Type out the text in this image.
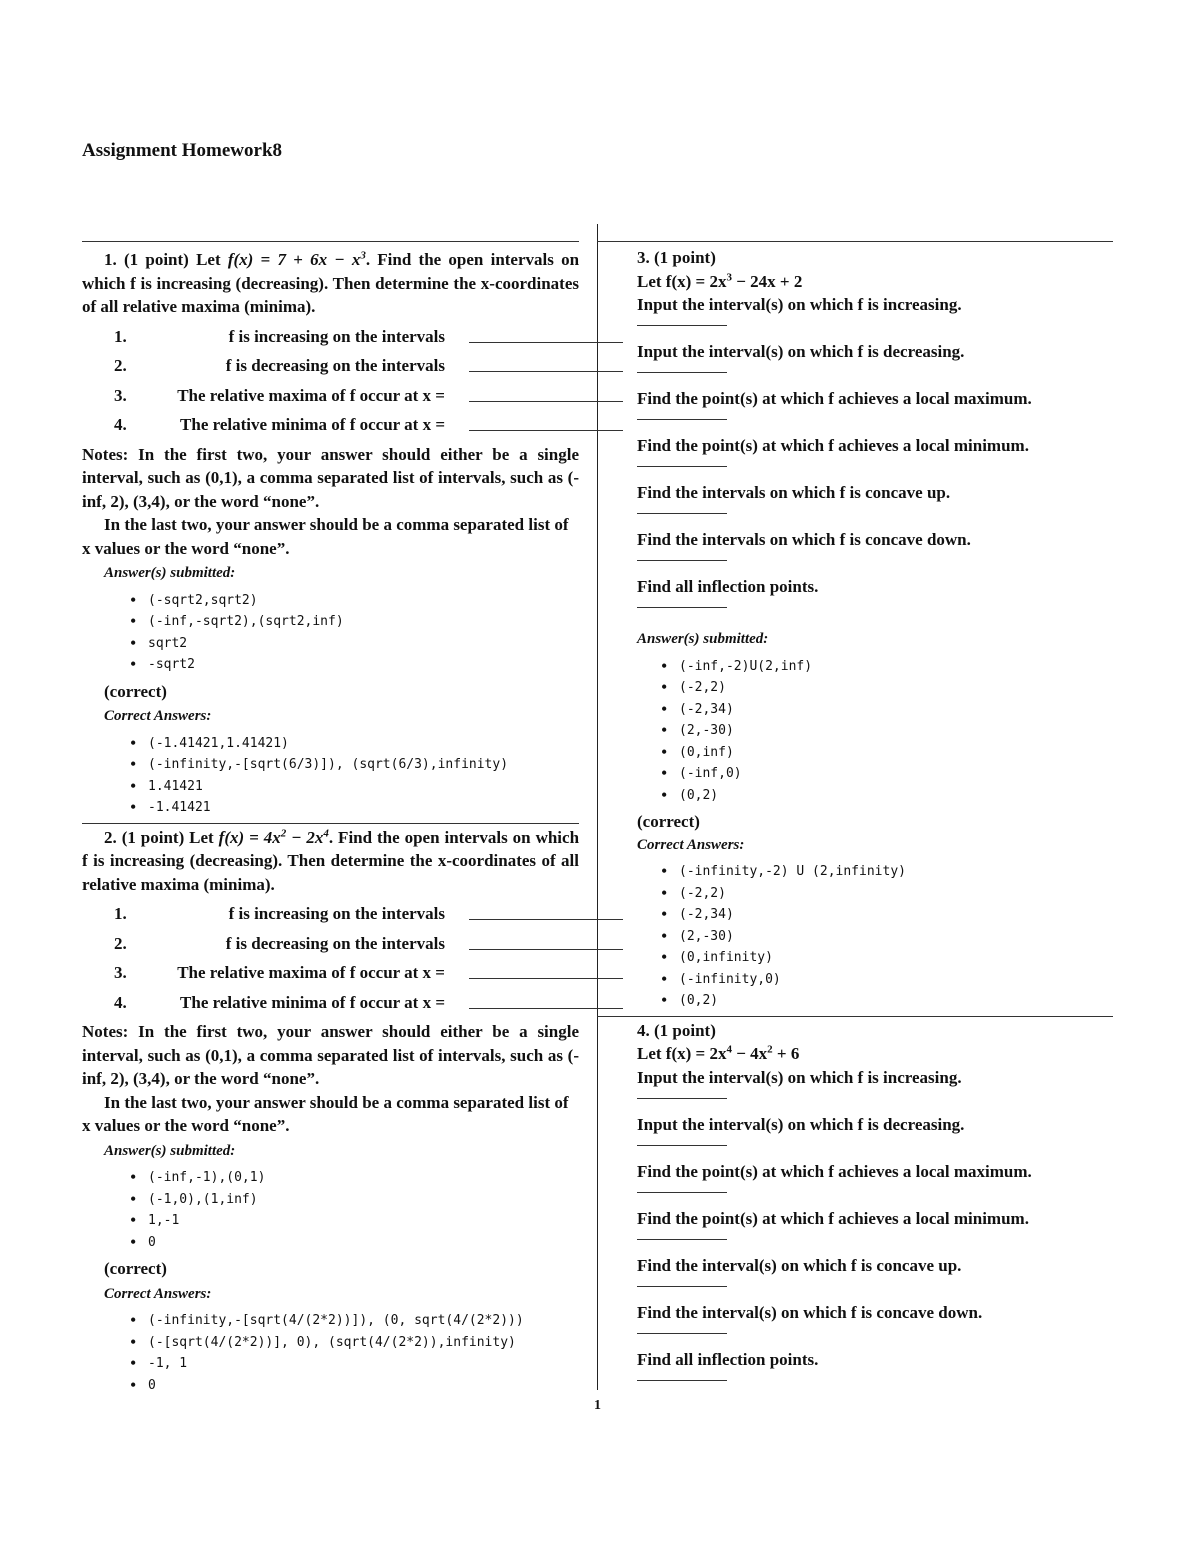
Assignment Homework8
1. (1 point) Let $f(x) = 7 + 6x - x^3$. Find the open intervals on which f is increasing (decreasing). Then determine the x-coordinates of all relative maxima (minima).
1.	f is increasing on the intervals
2.	f is decreasing on the intervals
3.	The relative maxima of f occur at x =
4.	The relative minima of f occur at x =
Notes: In the first two, your answer should either be a single interval, such as (0,1), a comma separated list of intervals, such as (-inf, 2), (3,4), or the word “none”.
In the last two, your answer should be a comma separated list of x values or the word “none”.
Answer(s) submitted:
• (-sqrt2,sqrt2)
• (-inf,-sqrt2),(sqrt2,inf)
• sqrt2
• -sqrt2
(correct)
Correct Answers:
• (-1.41421,1.41421)
• (-infinity,-[sqrt(6/3)]), (sqrt(6/3),infinity)
• 1.41421
• -1.41421
2. (1 point) Let $f(x) = 4x^2 - 2x^4$. Find the open intervals on which f is increasing (decreasing). Then determine the x-coordinates of all relative maxima (minima).
1.	f is increasing on the intervals
2.	f is decreasing on the intervals
3.	The relative maxima of f occur at x =
4.	The relative minima of f occur at x =
Notes: In the first two, your answer should either be a single interval, such as (0,1), a comma separated list of intervals, such as (-inf, 2), (3,4), or the word “none”.
In the last two, your answer should be a comma separated list of x values or the word “none”.
Answer(s) submitted:
• (-inf,-1),(0,1)
• (-1,0),(1,inf)
• 1,-1
• 0
(correct)
Correct Answers:
• (-infinity,-[sqrt(4/(2*2))]), (0, sqrt(4/(2*2)))
• (-[sqrt(4/(2*2))], 0), (sqrt(4/(2*2)),infinity)
• -1, 1
• 0
3. (1 point)
Let $f(x) = 2x^3 - 24x + 2$
Input the interval(s) on which f is increasing.
Input the interval(s) on which f is decreasing.
Find the point(s) at which f achieves a local maximum.
Find the point(s) at which f achieves a local minimum.
Find the intervals on which f is concave up.
Find the intervals on which f is concave down.
Find all inflection points.
Answer(s) submitted:
• (-inf,-2)U(2,inf)
• (-2,2)
• (-2,34)
• (2,-30)
• (0,inf)
• (-inf,0)
• (0,2)
(correct)
Correct Answers:
• (-infinity,-2) U (2,infinity)
• (-2,2)
• (-2,34)
• (2,-30)
• (0,infinity)
• (-infinity,0)
• (0,2)
4. (1 point)
Let $f(x) = 2x^4 - 4x^2 + 6$
Input the interval(s) on which f is increasing.
Input the interval(s) on which f is decreasing.
Find the point(s) at which f achieves a local maximum.
Find the point(s) at which f achieves a local minimum.
Find the interval(s) on which f is concave up.
Find the interval(s) on which f is concave down.
Find all inflection points.
1
